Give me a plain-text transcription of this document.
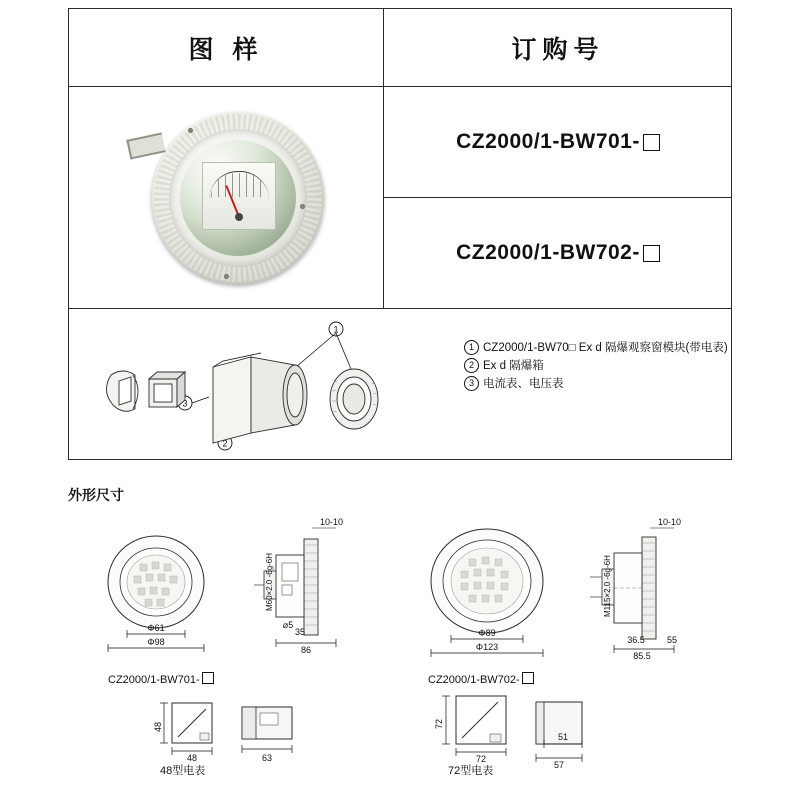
图 样	订购号
CZ2000/1-BW701-
CZ2000/1-BW702-
1
3
2
1 CZ2000/1-BW70□ Ex d 隔爆观察窗模块(带电表)
2 Ex d 隔爆箱
3 电流表、电压表
外形尺寸
Φ61
Φ98
10-10
M60×2.0 -6g-6H
86
35
⌀5
Φ89
Φ123
10-10
M115×2.0 -6g-6H
85.5
36.5 55
CZ2000/1-BW701-	CZ2000/1-BW702-
48
48	63
48型电表
72
72
51
57
72型电表
